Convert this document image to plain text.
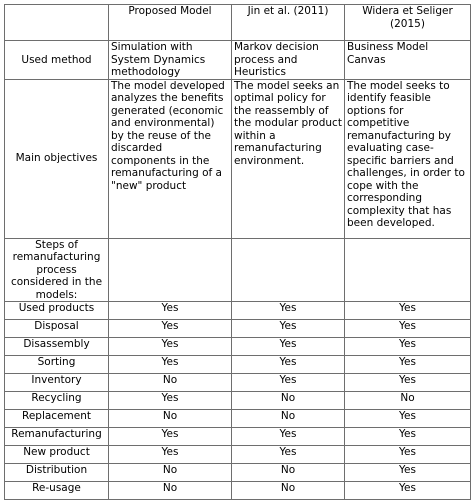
	Proposed Model	Jin et al. (2011)	Widera et Seliger (2015)
Used method	Simulation with System Dynamics methodology	Markov decision process and Heuristics	Business Model Canvas
Main objectives	The model developed analyzes the benefits generated (economic and environmental) by the reuse of the discarded components in the remanufacturing of a "new" product	The model seeks an optimal policy for the reassembly of the modular product within a remanufacturing environment.	The model seeks to identify feasible options for competitive remanufacturing by evaluating case-specific barriers and challenges, in order to cope with the corresponding complexity that has been developed.
Steps of remanufacturing process considered in the models:			
Used products	Yes	Yes	Yes
Disposal	Yes	Yes	Yes
Disassembly	Yes	Yes	Yes
Sorting	Yes	Yes	Yes
Inventory	No	Yes	Yes
Recycling	Yes	No	No
Replacement	No	No	Yes
Remanufacturing	Yes	Yes	Yes
New product	Yes	Yes	Yes
Distribution	No	No	Yes
Re-usage	No	No	Yes
